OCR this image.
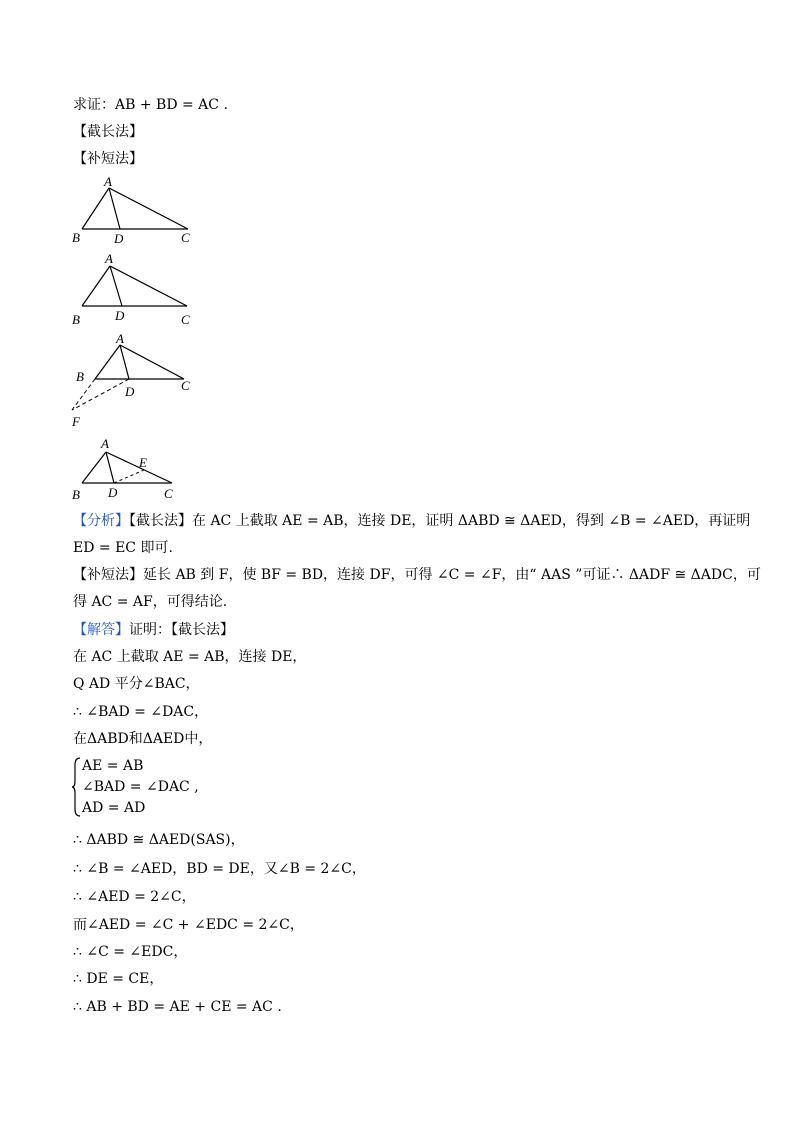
求证：AB + BD = AC .
【截长法】
【补短法】
A
B	D	C
A
B	D	C
A
B
D	C
F
A
E
B D	C
【分析】【截长法】在 AC 上截取 AE = AB，连接 DE，证明 ΔABD ≅ ΔAED，得到 ∠B = ∠AED，再证明
ED = EC 即可.
【补短法】延长 AB 到 F，使 BF = BD，连接 DF，可得 ∠C = ∠F，由“ AAS ”可证∴ ΔADF ≅ ΔADC，可
得 AC = AF，可得结论.
【解答】证明：【截长法】
在 AC 上截取 AE = AB，连接 DE，
Q AD 平分∠BAC，
∴ ∠BAD = ∠DAC，
在ΔABD和ΔAED中，
AE = AB
∠BAD = ∠DAC ,
AD = AD
∴ ΔABD ≅ ΔAED(SAS)，
∴ ∠B = ∠AED，BD = DE，又∠B = 2∠C，
∴ ∠AED = 2∠C，
而∠AED = ∠C + ∠EDC = 2∠C，
∴ ∠C = ∠EDC，
∴ DE = CE，
∴ AB + BD = AE + CE = AC .
